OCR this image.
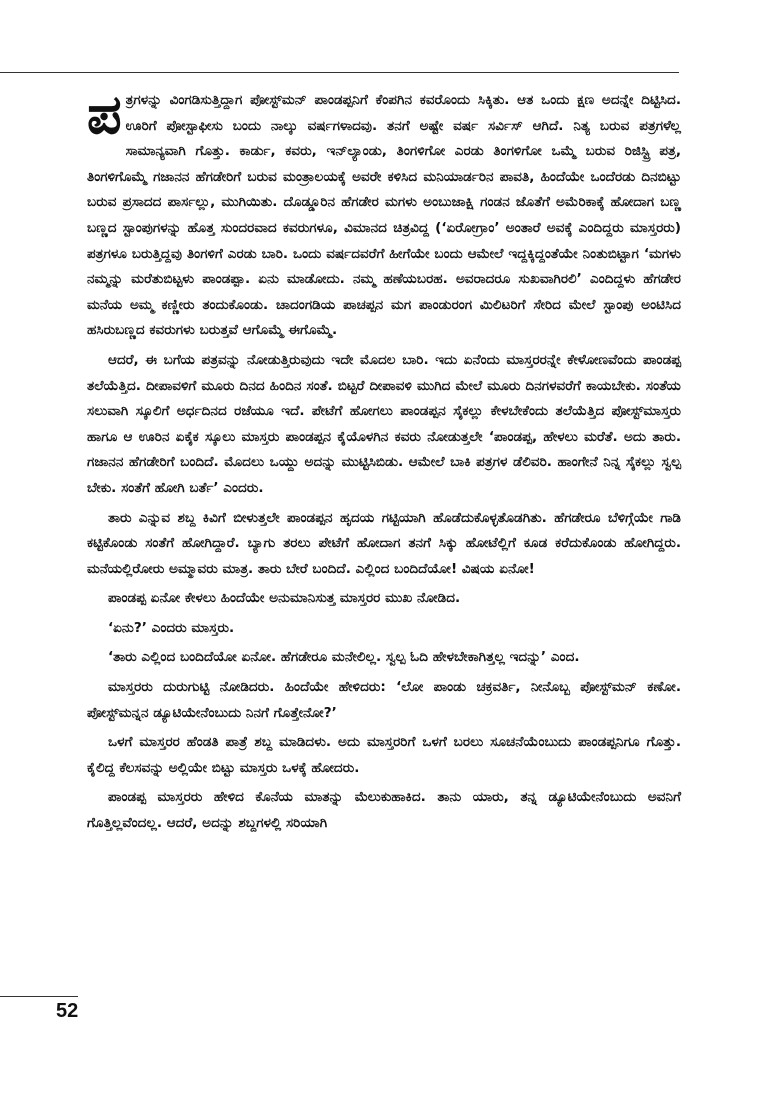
ಪತ್ರಗಳನ್ನು ವಿಂಗಡಿಸುತ್ತಿದ್ದಾಗ ಪೋಸ್ಟ್‌ಮನ್ ಪಾಂಡಪ್ಪನಿಗೆ ಕೆಂಪಗಿನ ಕವರೊಂದು ಸಿಕ್ಕಿತು. ಆತ ಒಂದು ಕ್ಷಣ ಅದನ್ನೇ ದಿಟ್ಟಿಸಿದ. ಊರಿಗೆ ಪೋಸ್ಟಾಫೀಸು ಬಂದು ನಾಲ್ಕು ವರ್ಷಗಳಾದವು. ತನಗೆ ಅಷ್ಟೇ ವರ್ಷ ಸರ್ವಿಸ್ ಆಗಿದೆ. ನಿತ್ಯ ಬರುವ ಪತ್ರಗಳೆಲ್ಲ ಸಾಮಾನ್ಯವಾಗಿ ಗೊತ್ತು. ಕಾರ್ಡು, ಕವರು, ಇನ್‌ಲ್ಯಾಂಡು, ತಿಂಗಳಿಗೋ ಎರಡು ತಿಂಗಳಿಗೋ ಒಮ್ಮೆ ಬರುವ ರಿಜಿಸ್ಟ್ರಿ ಪತ್ರ, ತಿಂಗಳಿಗೊಮ್ಮೆ ಗಜಾನನ ಹೆಗಡೇರಿಗೆ ಬರುವ ಮಂತ್ರಾಲಯಕ್ಕೆ ಅವರೇ ಕಳಿಸಿದ ಮನಿಯಾರ್ಡರಿನ ಪಾವತಿ, ಹಿಂದೆಯೇ ಒಂದೆರಡು ದಿನಬಿಟ್ಟು ಬರುವ ಪ್ರಸಾದದ ಪಾರ್ಸಲ್ಲು, ಮುಗಿಯಿತು. ದೊಡ್ಡೂರಿನ ಹೆಗಡೇರ ಮಗಳು ಅಂಬುಜಾಕ್ಷಿ ಗಂಡನ ಜೊತೆಗೆ ಅಮೆರಿಕಾಕ್ಕೆ ಹೋದಾಗ ಬಣ್ಣ ಬಣ್ಣದ ಸ್ಟಾಂಪುಗಳನ್ನು ಹೊತ್ತ ಸುಂದರವಾದ ಕವರುಗಳೂ, ವಿಮಾನದ ಚಿತ್ರವಿದ್ದ (‘ಏರೋಗ್ರಾಂ’ ಅಂತಾರೆ ಅವಕ್ಕೆ ಎಂದಿದ್ದರು ಮಾಸ್ತರರು) ಪತ್ರಗಳೂ ಬರುತ್ತಿದ್ದವು ತಿಂಗಳಿಗೆ ಎರಡು ಬಾರಿ. ಒಂದು ವರ್ಷದವರೆಗೆ ಹೀಗೆಯೇ ಬಂದು ಆಮೇಲೆ ಇದ್ದಕ್ಕಿದ್ದಂತೆಯೇ ನಿಂತುಬಿಟ್ಟಾಗ ‘ಮಗಳು ನಮ್ಮನ್ನು ಮರೆತುಬಿಟ್ಟಳು ಪಾಂಡಪ್ಪಾ. ಏನು ಮಾಡೋದು. ನಮ್ಮ ಹಣೆಯಬರಹ. ಅವರಾದರೂ ಸುಖವಾಗಿರಲಿ’ ಎಂದಿದ್ದಳು ಹೆಗಡೇರ ಮನೆಯ ಅಮ್ಮ ಕಣ್ಣೀರು ತಂದುಕೊಂಡು. ಚಾದಂಗಡಿಯ ಪಾಚಪ್ಪನ ಮಗ ಪಾಂಡುರಂಗ ಮಿಲಿಟರಿಗೆ ಸೇರಿದ ಮೇಲೆ ಸ್ಟಾಂಪು ಅಂಟಿಸಿದ ಹಸಿರುಬಣ್ಣದ ಕವರುಗಳು ಬರುತ್ತವೆ ಆಗೊಮ್ಮೆ ಈಗೊಮ್ಮೆ.

ಆದರೆ, ಈ ಬಗೆಯ ಪತ್ರವನ್ನು ನೋಡುತ್ತಿರುವುದು ಇದೇ ಮೊದಲ ಬಾರಿ. ಇದು ಏನೆಂದು ಮಾಸ್ತರರನ್ನೇ ಕೇಳೋಣವೆಂದು ಪಾಂಡಪ್ಪ ತಲೆಯೆತ್ತಿದ. ದೀಪಾವಳಿಗೆ ಮೂರು ದಿನದ ಹಿಂದಿನ ಸಂತೆ. ಬಿಟ್ಟರೆ ದೀಪಾವಳಿ ಮುಗಿದ ಮೇಲೆ ಮೂರು ದಿನಗಳವರೆಗೆ ಕಾಯಬೇಕು. ಸಂತೆಯ ಸಲುವಾಗಿ ಸ್ಕೂಲಿಗೆ ಅರ್ಧದಿನದ ರಜೆಯೂ ಇದೆ. ಪೇಟೆಗೆ ಹೋಗಲು ಪಾಂಡಪ್ಪನ ಸೈಕಲ್ಲು ಕೇಳಬೇಕೆಂದು ತಲೆಯೆತ್ತಿದ ಪೋಸ್ಟ್‌ಮಾಸ್ತರು ಹಾಗೂ ಆ ಊರಿನ ಏಕೈಕ ಸ್ಕೂಲು ಮಾಸ್ತರು ಪಾಂಡಪ್ಪನ ಕೈಯೊಳಗಿನ ಕವರು ನೋಡುತ್ತಲೇ ‘ಪಾಂಡಪ್ಪ, ಹೇಳಲು ಮರೆತೆ. ಅದು ತಾರು. ಗಜಾನನ ಹೆಗಡೇರಿಗೆ ಬಂದಿದೆ. ಮೊದಲು ಒಯ್ದು ಅದನ್ನು ಮುಟ್ಟಿಸಿಬಿಡು. ಆಮೇಲೆ ಬಾಕಿ ಪತ್ರಗಳ ಡೆಲಿವರಿ. ಹಾಂಗೇನೆ ನಿನ್ನ ಸೈಕಲ್ಲು ಸ್ವಲ್ಪ ಬೇಕು. ಸಂತೆಗೆ ಹೋಗಿ ಬರ್ತೆ’ ಎಂದರು.

ತಾರು ಎನ್ನುವ ಶಬ್ದ ಕಿವಿಗೆ ಬೀಳುತ್ತಲೇ ಪಾಂಡಪ್ಪನ ಹೃದಯ ಗಟ್ಟಿಯಾಗಿ ಹೊಡೆದುಕೊಳ್ಳತೊಡಗಿತು. ಹೆಗಡೇರೂ ಬೆಳಿಗ್ಗೆಯೇ ಗಾಡಿ ಕಟ್ಟಿಕೊಂಡು ಸಂತೆಗೆ ಹೋಗಿದ್ದಾರೆ. ಬ್ಯಾಗು ತರಲು ಪೇಟೆಗೆ ಹೋದಾಗ ತನಗೆ ಸಿಕ್ಕು ಹೋಟೆಲ್ಲಿಗೆ ಕೂಡ ಕರೆದುಕೊಂಡು ಹೋಗಿದ್ದರು. ಮನೆಯಲ್ಲಿರೋರು ಅಮ್ಮಾವರು ಮಾತ್ರ. ತಾರು ಬೇರೆ ಬಂದಿದೆ. ಎಲ್ಲಿಂದ ಬಂದಿದೆಯೋ! ವಿಷಯ ಏನೋ!

ಪಾಂಡಪ್ಪ ಏನೋ ಕೇಳಲು ಹಿಂದೆಯೇ ಅನುಮಾನಿಸುತ್ತ ಮಾಸ್ತರರ ಮುಖ ನೋಡಿದ.

‘ಏನು?’ ಎಂದರು ಮಾಸ್ತರು.

‘ತಾರು ಎಲ್ಲಿಂದ ಬಂದಿದೆಯೋ ಏನೋ. ಹೆಗಡೇರೂ ಮನೇಲಿಲ್ಲ. ಸ್ವಲ್ಪ ಓದಿ ಹೇಳಬೇಕಾಗಿತ್ತಲ್ಲ ಇದನ್ನು’ ಎಂದ.

ಮಾಸ್ತರರು ದುರುಗುಟ್ಟಿ ನೋಡಿದರು. ಹಿಂದೆಯೇ ಹೇಳಿದರು: ‘ಲೋ ಪಾಂಡು ಚಕ್ರವರ್ತಿ, ನೀನೊಬ್ಬ ಪೋಸ್ಟ್‌ಮನ್ ಕಣೋ. ಪೋಸ್ಟ್‌ಮನ್ನನ ಡ್ಯೂಟಿಯೇನೆಂಬುದು ನಿನಗೆ ಗೊತ್ತೇನೋ?’

ಒಳಗೆ ಮಾಸ್ತರರ ಹೆಂಡತಿ ಪಾತ್ರೆ ಶಬ್ದ ಮಾಡಿದಳು. ಅದು ಮಾಸ್ತರರಿಗೆ ಒಳಗೆ ಬರಲು ಸೂಚನೆಯೆಂಬುದು ಪಾಂಡಪ್ಪನಿಗೂ ಗೊತ್ತು. ಕೈಲಿದ್ದ ಕೆಲಸವನ್ನು ಅಲ್ಲಿಯೇ ಬಿಟ್ಟು ಮಾಸ್ತರು ಒಳಕ್ಕೆ ಹೋದರು.

ಪಾಂಡಪ್ಪ ಮಾಸ್ತರರು ಹೇಳಿದ ಕೊನೆಯ ಮಾತನ್ನು ಮೆಲುಕುಹಾಕಿದ. ತಾನು ಯಾರು, ತನ್ನ ಡ್ಯೂಟಿಯೇನೆಂಬುದು ಅವನಿಗೆ ಗೊತ್ತಿಲ್ಲವೆಂದಲ್ಲ. ಆದರೆ, ಅದನ್ನು ಶಬ್ದಗಳಲ್ಲಿ ಸರಿಯಾಗಿ

52
